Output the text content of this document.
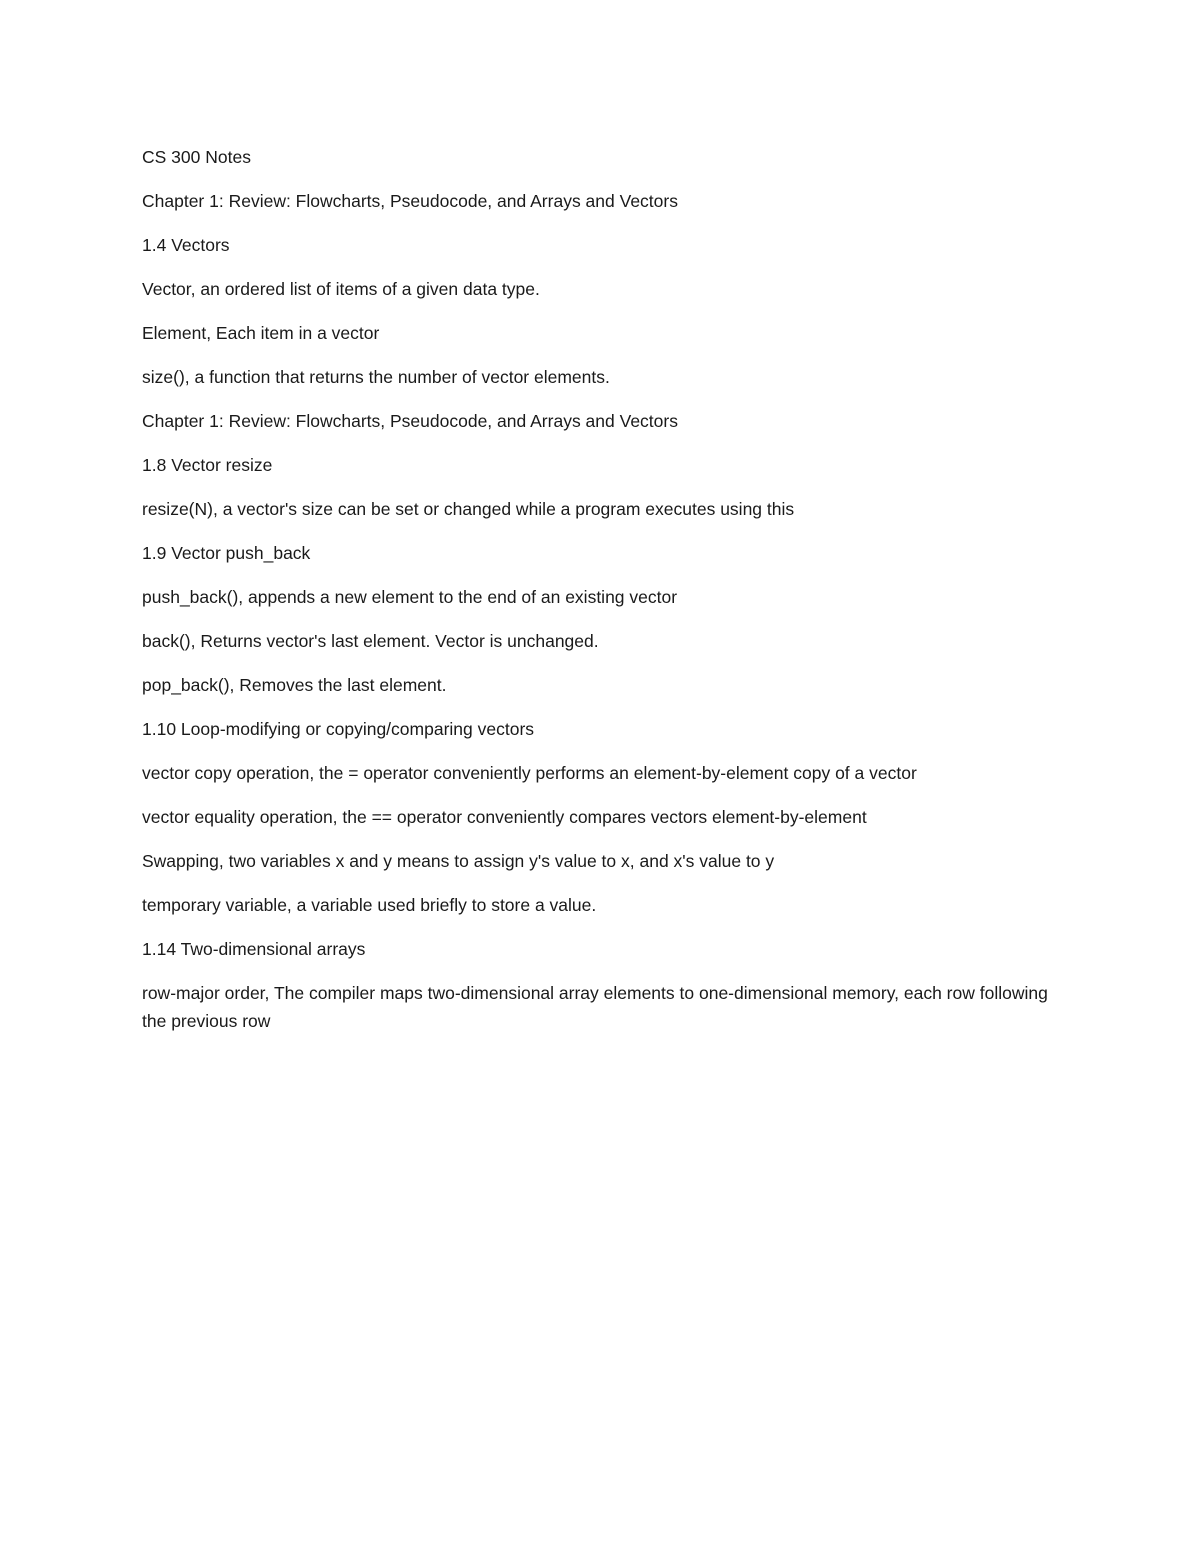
CS 300 Notes

Chapter 1: Review: Flowcharts, Pseudocode, and Arrays and Vectors

1.4 Vectors

Vector, an ordered list of items of a given data type.

Element, Each item in a vector

size(), a function that returns the number of vector elements.

Chapter 1: Review: Flowcharts, Pseudocode, and Arrays and Vectors

1.8 Vector resize

resize(N), a vector's size can be set or changed while a program executes using this

1.9 Vector push_back

push_back(), appends a new element to the end of an existing vector

back(), Returns vector's last element. Vector is unchanged.

pop_back(), Removes the last element.

1.10 Loop-modifying or copying/comparing vectors

vector copy operation, the = operator conveniently performs an element-by-element copy of a vector

vector equality operation, the == operator conveniently compares vectors element-by-element

Swapping, two variables x and y means to assign y's value to x, and x's value to y

temporary variable, a variable used briefly to store a value.

1.14 Two-dimensional arrays

row-major order, The compiler maps two-dimensional array elements to one-dimensional memory, each row following the previous row
